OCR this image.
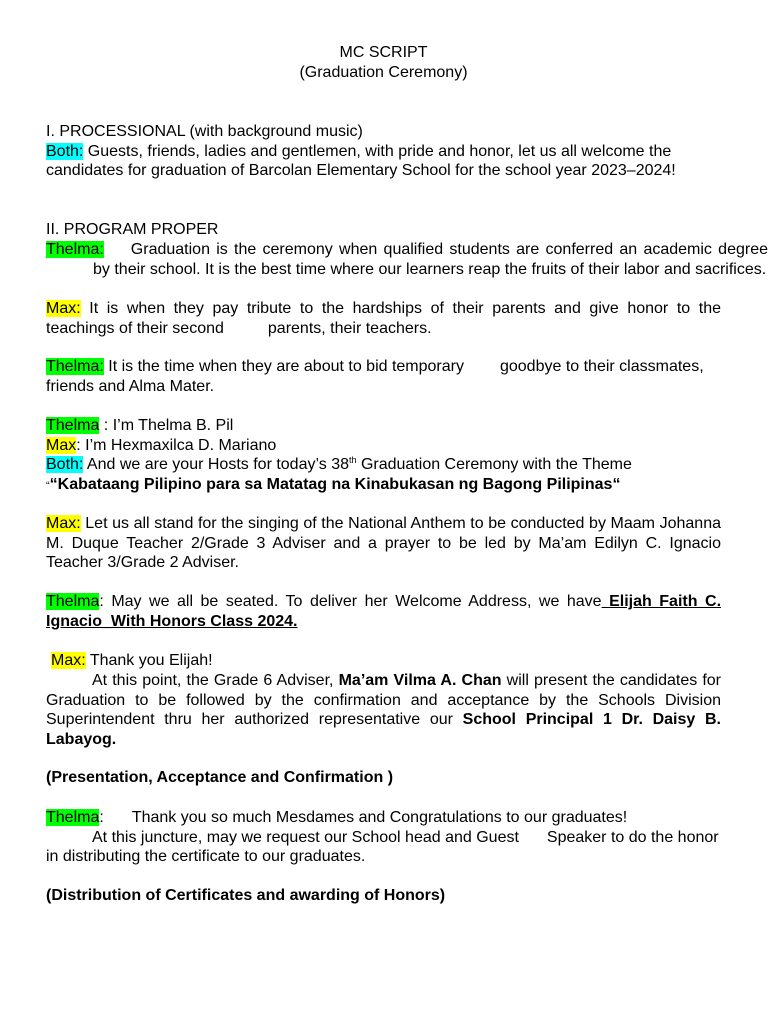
MC SCRIPT
(Graduation Ceremony)

I. PROCESSIONAL (with background music)
Both: Guests, friends, ladies and gentlemen, with pride and honor, let us all welcome the candidates for graduation of Barcolan Elementary School for the school year 2023–2024!

II. PROGRAM PROPER

Thelma: Graduation is the ceremony when qualified students are conferred an academic degree by their school. It is the best time where our learners reap the fruits of their labor and sacrifices.

Max: It is when they pay tribute to the hardships of their parents and give honor to the teachings of their second	parents, their teachers.

Thelma: It is the time when they are about to bid temporary goodbye to their classmates, friends and Alma Mater.

Thelma : I’m Thelma B. Pil
Max: I’m Hexmaxilca D. Mariano
Both: And we are your Hosts for today’s 38th Graduation Ceremony with the Theme
““Kabataang Pilipino para sa Matatag na Kinabukasan ng Bagong Pilipinas“

Max: Let us all stand for the singing of the National Anthem to be conducted by Maam Johanna M. Duque Teacher 2/Grade 3 Adviser and a prayer to be led by Ma’am Edilyn C. Ignacio Teacher 3/Grade 2 Adviser.

Thelma: May we all be seated. To deliver her Welcome Address, we have Elijah Faith C. Ignacio_With Honors Class 2024.

Max: Thank you Elijah!

At this point, the Grade 6 Adviser, Ma’am Vilma A. Chan will present the candidates for Graduation to be followed by the confirmation and acceptance by the Schools Division Superintendent thru her authorized representative our School Principal 1 Dr. Daisy B. Labayog.

(Presentation, Acceptance and Confirmation )

Thelma: Thank you so much Mesdames and Congratulations to our graduates!
At this juncture, may we request our School head and Guest Speaker to do the honor in distributing the certificate to our graduates.

(Distribution of Certificates and awarding of Honors)
